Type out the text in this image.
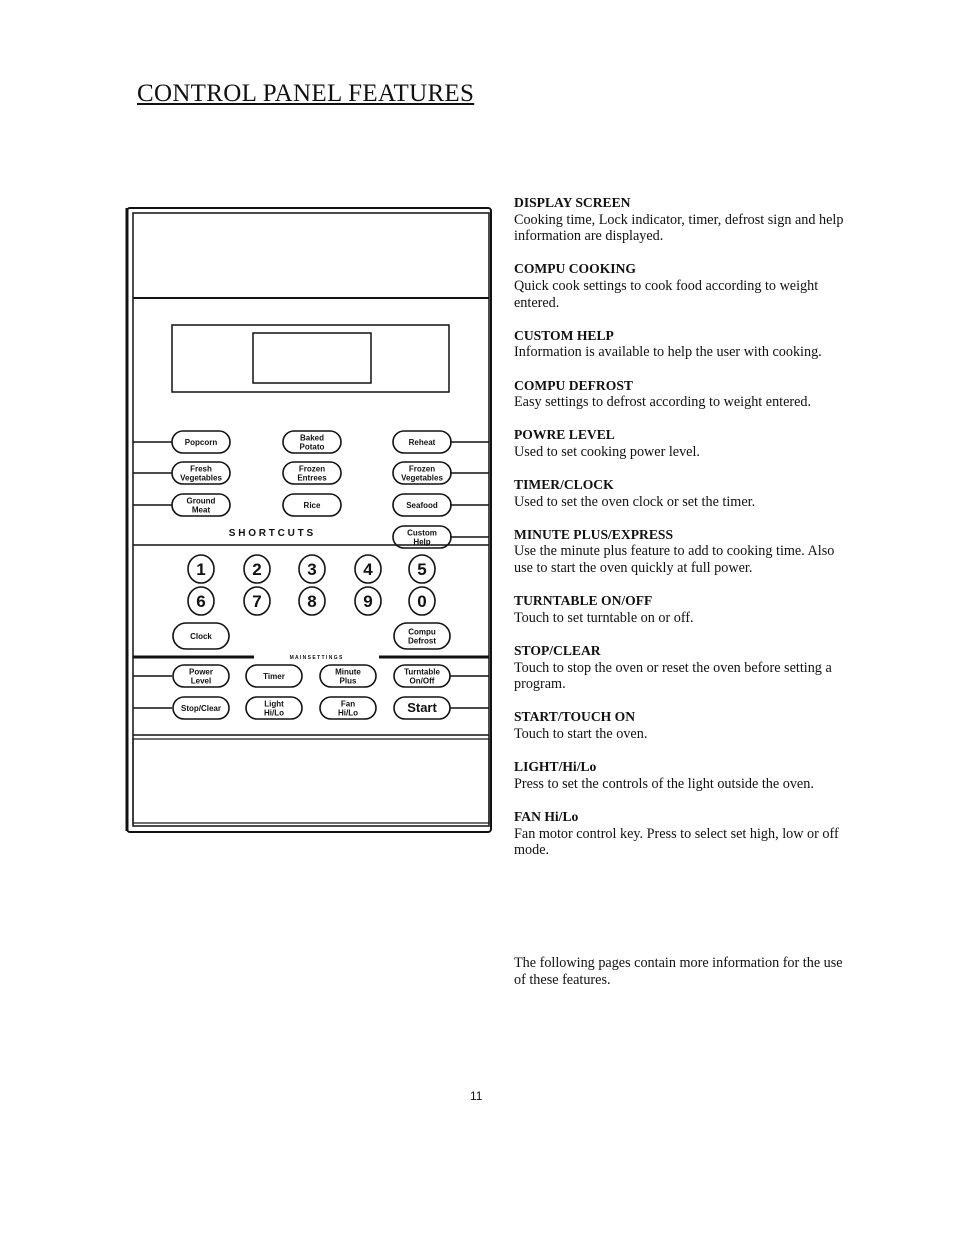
CONTROL PANEL FEATURES
M A I N S E T T I N G S
S H O R T C U T S
Popcorn	Baked
Potato	Reheat
Fresh
Vegetables
Frozen
Entrees
Frozen
Vegetables
Ground
Meat	Rice	Seafood
Custom
Help
1	2	3	4	5
6	7	8	9	0
Clock	Compu
Defrost
Power
Level	Timer	Minute
Plus
Turntable
On/Off
Stop/Clear	Light
Hi/Lo
Fan
Hi/Lo	Start
DISPLAY SCREEN
Cooking time, Lock indicator, timer, defrost sign and help information are displayed.
COMPU COOKING
Quick cook settings to cook food according to weight entered.
CUSTOM HELP
Information is available to help the user with cooking.
COMPU DEFROST
Easy settings to defrost according to weight entered.
POWRE LEVEL
Used to set cooking power level.
TIMER/CLOCK
Used to set the oven clock or set the timer.
MINUTE PLUS/EXPRESS
Use the minute plus feature to add to cooking time. Also use to start the oven quickly at full power.
TURNTABLE ON/OFF
Touch to set turntable on or off.
STOP/CLEAR
Touch to stop the oven or reset the oven before setting a program.
START/TOUCH ON
Touch to start the oven.
LIGHT/Hi/Lo
Press to set the controls of the light outside the oven.
FAN Hi/Lo
Fan motor control key. Press to select set high, low or off mode.
The following pages contain more information for the use of these features.
11
